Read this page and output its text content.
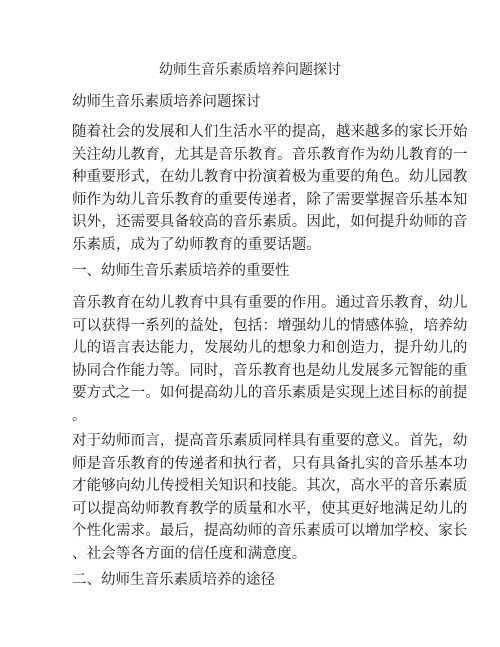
幼师生音乐素质培养问题探讨

幼师生音乐素质培养问题探讨

随着社会的发展和人们生活水平的提高，越来越多的家长开始
关注幼儿教育，尤其是音乐教育。音乐教育作为幼儿教育的一
种重要形式，在幼儿教育中扮演着极为重要的角色。幼儿园教
师作为幼儿音乐教育的重要传递者，除了需要掌握音乐基本知
识外，还需要具备较高的音乐素质。因此，如何提升幼师的音
乐素质，成为了幼师教育的重要话题。

一、幼师生音乐素质培养的重要性

音乐教育在幼儿教育中具有重要的作用。通过音乐教育，幼儿
可以获得一系列的益处，包括：增强幼儿的情感体验，培养幼
儿的语言表达能力，发展幼儿的想象力和创造力，提升幼儿的
协同合作能力等。同时，音乐教育也是幼儿发展多元智能的重
要方式之一。如何提高幼儿的音乐素质是实现上述目标的前提
。

对于幼师而言，提高音乐素质同样具有重要的意义。首先，幼
师是音乐教育的传递者和执行者，只有具备扎实的音乐基本功
才能够向幼儿传授相关知识和技能。其次，高水平的音乐素质
可以提高幼师教育教学的质量和水平，使其更好地满足幼儿的
个性化需求。最后，提高幼师的音乐素质可以增加学校、家长
、社会等各方面的信任度和满意度。

二、幼师生音乐素质培养的途径
